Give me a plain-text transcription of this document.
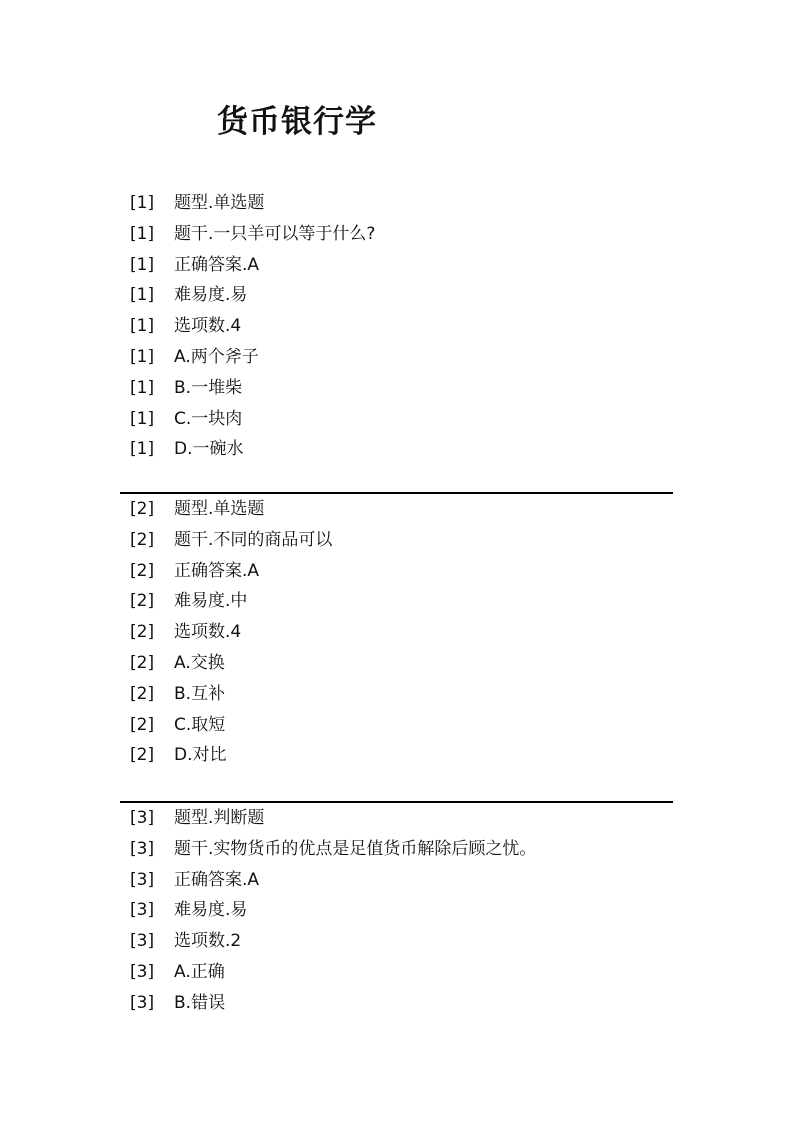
货币银行学
[1] 题型.单选题
[1] 题干.一只羊可以等于什么?
[1] 正确答案.A
[1] 难易度.易
[1] 选项数.4
[1] A.两个斧子
[1] B.一堆柴
[1] C.一块肉
[1] D.一碗水
[2] 题型.单选题
[2] 题干.不同的商品可以
[2] 正确答案.A
[2] 难易度.中
[2] 选项数.4
[2] A.交换
[2] B.互补
[2] C.取短
[2] D.对比
[3] 题型.判断题
[3] 题干.实物货币的优点是足值货币解除后顾之忧。
[3] 正确答案.A
[3] 难易度.易
[3] 选项数.2
[3] A.正确
[3] B.错误
